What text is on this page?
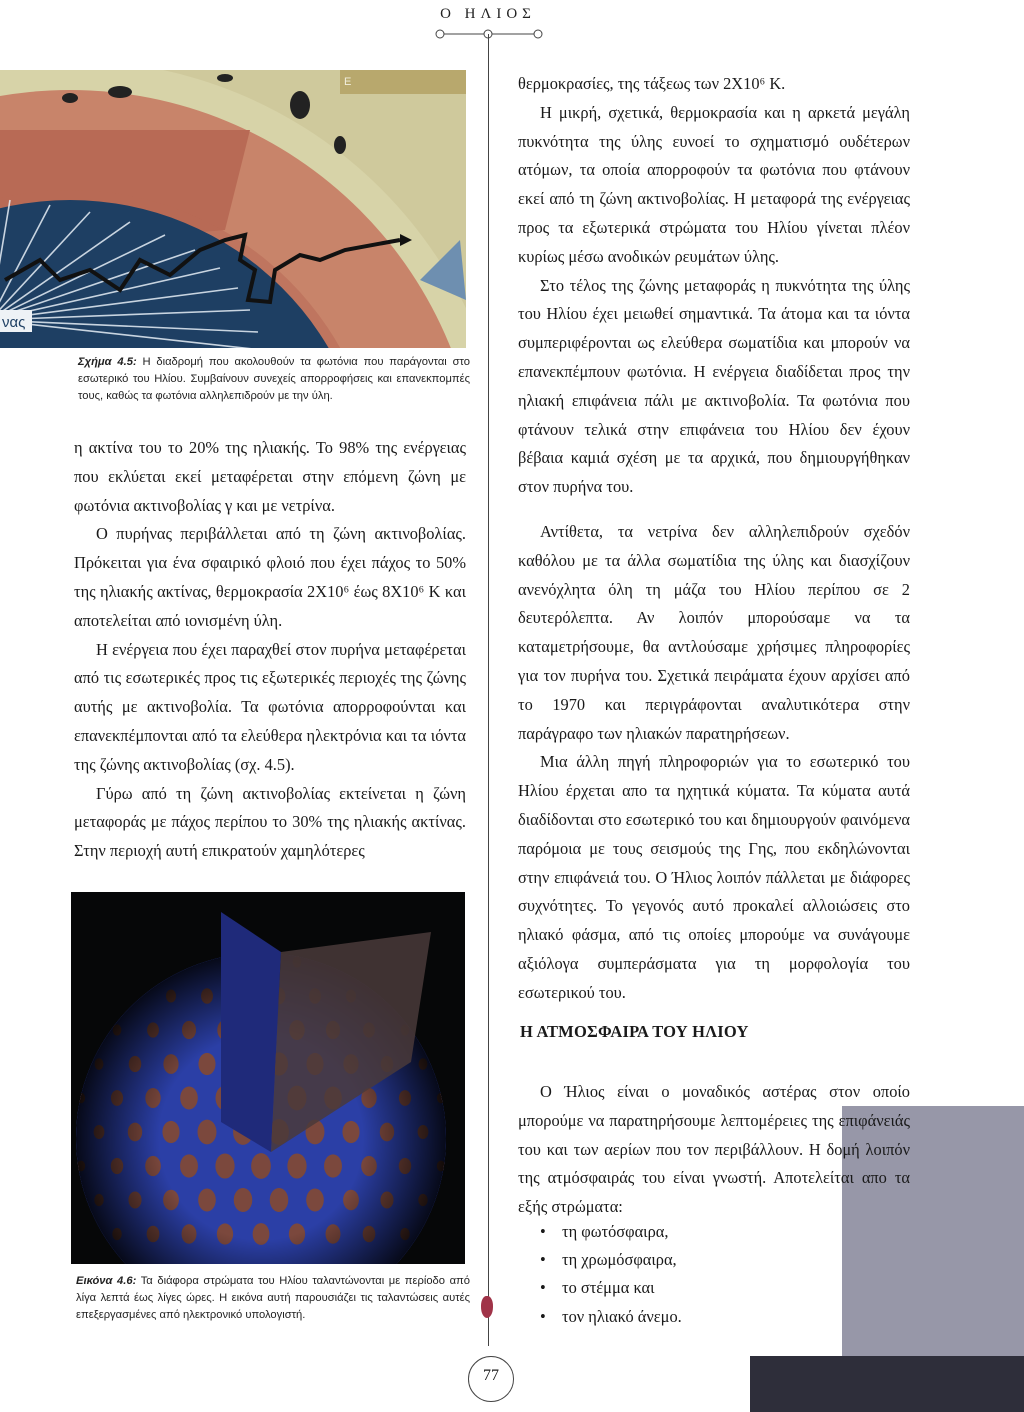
Ο ΗΛΙΟΣ
Ε
νας
Σχήμα 4.5: Η διαδρομή που ακολουθούν τα φωτόνια που παράγονται στο εσωτερικό του Ηλίου. Συμβαίνουν συνεχείς απορροφήσεις και επανεκπομπές τους, καθώς τα φωτόνια αλληλεπιδρούν με την ύλη.

η ακτίνα του το 20% της ηλιακής. Το 98% της ενέργειας που εκλύεται εκεί μεταφέρεται στην επόμενη ζώνη με φωτόνια ακτινοβολίας γ και με νετρίνα.

Ο πυρήνας περιβάλλεται από τη ζώνη ακτινοβολίας. Πρόκειται για ένα σφαιρικό φλοιό που έχει πάχος το 50% της ηλιακής ακτίνας, θερμοκρασία 2X10⁶ έως 8X10⁶ K και αποτελείται από ιονισμένη ύλη.

Η ενέργεια που έχει παραχθεί στον πυρήνα μεταφέρεται από τις εσωτερικές προς τις εξωτερικές περιοχές της ζώνης αυτής με ακτινοβολία. Τα φωτόνια απορροφούνται και επανεκπέμπονται από τα ελεύθερα ηλεκτρόνια και τα ιόντα της ζώνης ακτινοβολίας (σχ. 4.5).

Γύρω από τη ζώνη ακτινοβολίας εκτείνεται η ζώνη μεταφοράς με πάχος περίπου το 30% της ηλιακής ακτίνας. Στην περιοχή αυτή επικρατούν χαμηλότερες

Εικόνα 4.6: Τα διάφορα στρώματα του Ηλίου ταλαντώνονται με περίοδο από λίγα λεπτά έως λίγες ώρες. Η εικόνα αυτή παρουσιάζει τις ταλαντώσεις αυτές επεξεργασμένες από ηλεκτρονικό υπολογιστή.

θερμοκρασίες, της τάξεως των 2X10⁶ K.

Η μικρή, σχετικά, θερμοκρασία και η αρκετά μεγάλη πυκνότητα της ύλης ευνοεί το σχηματισμό ουδέτερων ατόμων, τα οποία απορροφούν τα φωτόνια που φτάνουν εκεί από τη ζώνη ακτινοβολίας. Η μεταφορά της ενέργειας προς τα εξωτερικά στρώματα του Ηλίου γίνεται πλέον κυρίως μέσω ανοδικών ρευμάτων ύλης.

Στο τέλος της ζώνης μεταφοράς η πυκνότητα της ύλης του Ηλίου έχει μειωθεί σημαντικά. Τα άτομα και τα ιόντα συμπεριφέρονται ως ελεύθερα σωματίδια και μπορούν να επανεκπέμπουν φωτόνια. Η ενέργεια διαδίδεται προς την ηλιακή επιφάνεια πάλι με ακτινοβολία. Τα φωτόνια που φτάνουν τελικά στην επιφάνεια του Ηλίου δεν έχουν βέβαια καμιά σχέση με τα αρχικά, που δημιουργήθηκαν στον πυρήνα του.

Αντίθετα, τα νετρίνα δεν αλληλεπιδρούν σχεδόν καθόλου με τα άλλα σωματίδια της ύλης και διασχίζουν ανενόχλητα όλη τη μάζα του Ηλίου περίπου σε 2 δευτερόλεπτα. Αν λοιπόν μπορούσαμε να τα καταμετρήσουμε, θα αντλούσαμε χρήσιμες πληροφορίες για τον πυρήνα του. Σχετικά πειράματα έχουν αρχίσει από το 1970 και περιγράφονται αναλυτικότερα στην παράγραφο των ηλιακών παρατηρήσεων.

Μια άλλη πηγή πληροφοριών για το εσωτερικό του Ηλίου έρχεται απο τα ηχητικά κύματα. Τα κύματα αυτά διαδίδονται στο εσωτερικό του και δημιουργούν φαινόμενα παρόμοια με τους σεισμούς της Γης, που εκδηλώνονται στην επιφάνειά του. Ο Ήλιος λοιπόν πάλλεται με διάφορες συχνότητες. Το γεγονός αυτό προκαλεί αλλοιώσεις στο ηλιακό φάσμα, από τις οποίες μπορούμε να συνάγουμε αξιόλογα συμπεράσματα για τη μορφολογία του εσωτερικού του.

Η ΑΤΜΟΣΦΑΙΡΑ ΤΟΥ ΗΛΙΟΥ

Ο Ήλιος είναι ο μοναδικός αστέρας στον οποίο μπορούμε να παρατηρήσουμε λεπτομέρειες της επιφάνειάς του και των αερίων που τον περιβάλλουν. Η δομή λοιπόν της ατμόσφαιράς του είναι γνωστή. Αποτελείται απο τα εξής στρώματα:

• τη φωτόσφαιρα,
• τη χρωμόσφαιρα,
• το στέμμα και
• τον ηλιακό άνεμο.
77
